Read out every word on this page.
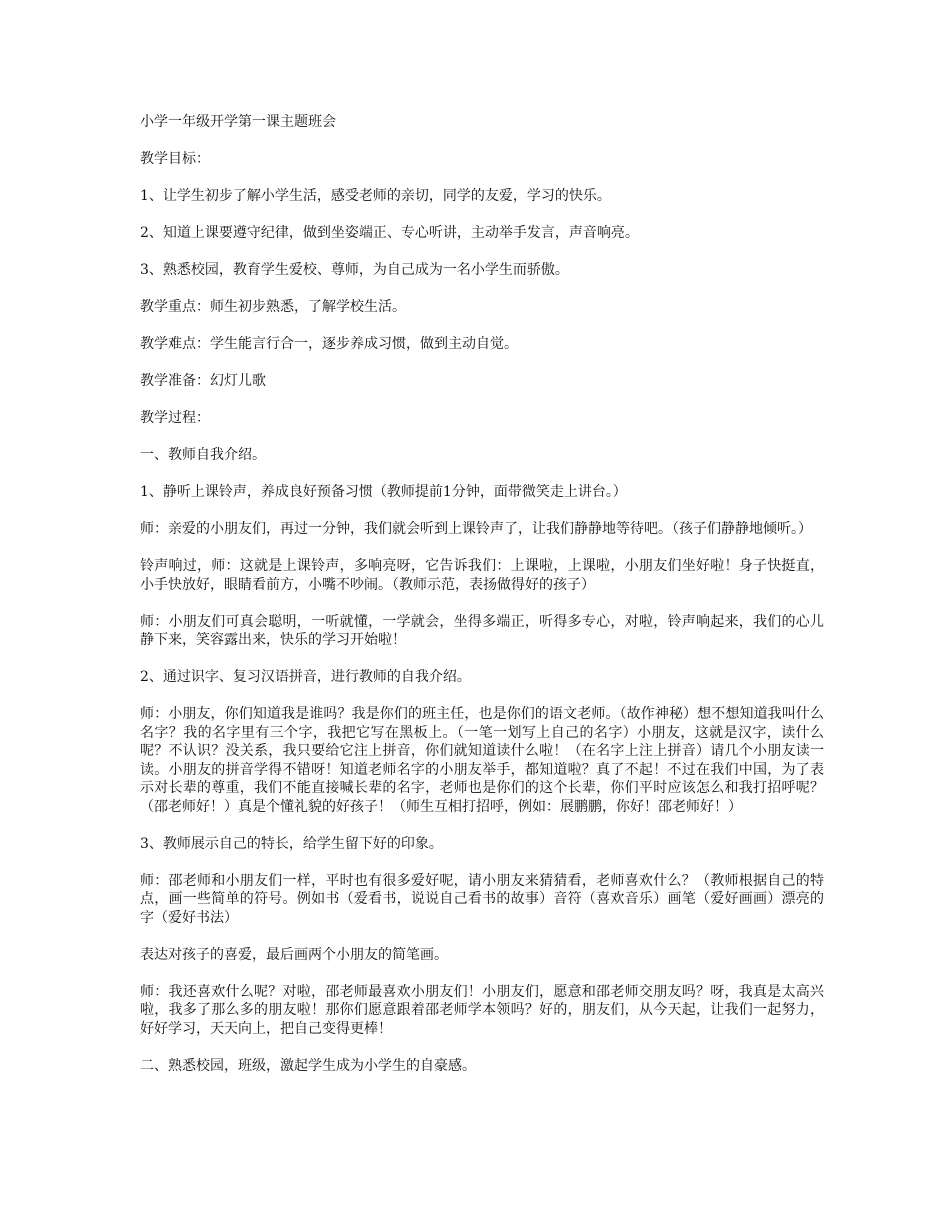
小学一年级开学第一课主题班会

教学目标：

1、让学生初步了解小学生活，感受老师的亲切，同学的友爱，学习的快乐。

2、知道上课要遵守纪律，做到坐姿端正、专心听讲，主动举手发言，声音响亮。

3、熟悉校园，教育学生爱校、尊师，为自己成为一名小学生而骄傲。

教学重点：师生初步熟悉，了解学校生活。

教学难点：学生能言行合一，逐步养成习惯，做到主动自觉。

教学准备：幻灯儿歌

教学过程：

一、教师自我介绍。

1、静听上课铃声，养成良好预备习惯（教师提前1分钟，面带微笑走上讲台。）

师：亲爱的小朋友们，再过一分钟，我们就会听到上课铃声了，让我们静静地等待吧。（孩子们静静地倾听。）

铃声响过，师：这就是上课铃声，多响亮呀，它告诉我们：上课啦，上课啦，小朋友们坐好啦！身子快挺直，小手快放好，眼睛看前方，小嘴不吵闹。（教师示范，表扬做得好的孩子）

师：小朋友们可真会聪明，一听就懂，一学就会，坐得多端正，听得多专心，对啦，铃声响起来，我们的心儿静下来，笑容露出来，快乐的学习开始啦！

2、通过识字、复习汉语拼音，进行教师的自我介绍。

师：小朋友，你们知道我是谁吗？我是你们的班主任，也是你们的语文老师。（故作神秘）想不想知道我叫什么名字？我的名字里有三个字，我把它写在黑板上。（一笔一划写上自己的名字）小朋友，这就是汉字，读什么呢？不认识？没关系，我只要给它注上拼音，你们就知道读什么啦！（在名字上注上拼音）请几个小朋友读一读。小朋友的拼音学得不错呀！知道老师名字的小朋友举手，都知道啦？真了不起！不过在我们中国，为了表示对长辈的尊重，我们不能直接喊长辈的名字，老师也是你们的这个长辈，你们平时应该怎么和我打招呼呢？（邵老师好！）真是个懂礼貌的好孩子！（师生互相打招呼，例如：展鹏鹏，你好！邵老师好！）

3、教师展示自己的特长，给学生留下好的印象。

师：邵老师和小朋友们一样，平时也有很多爱好呢，请小朋友来猜猜看，老师喜欢什么？（教师根据自己的特点，画一些简单的符号。例如书（爱看书，说说自己看书的故事）音符（喜欢音乐）画笔（爱好画画）漂亮的字（爱好书法）

表达对孩子的喜爱，最后画两个小朋友的简笔画。

师：我还喜欢什么呢？对啦，邵老师最喜欢小朋友们！小朋友们，愿意和邵老师交朋友吗？呀，我真是太高兴啦，我多了那么多的朋友啦！那你们愿意跟着邵老师学本领吗？好的，朋友们，从今天起，让我们一起努力，好好学习，天天向上，把自己变得更棒！

二、熟悉校园，班级，激起学生成为小学生的自豪感。
